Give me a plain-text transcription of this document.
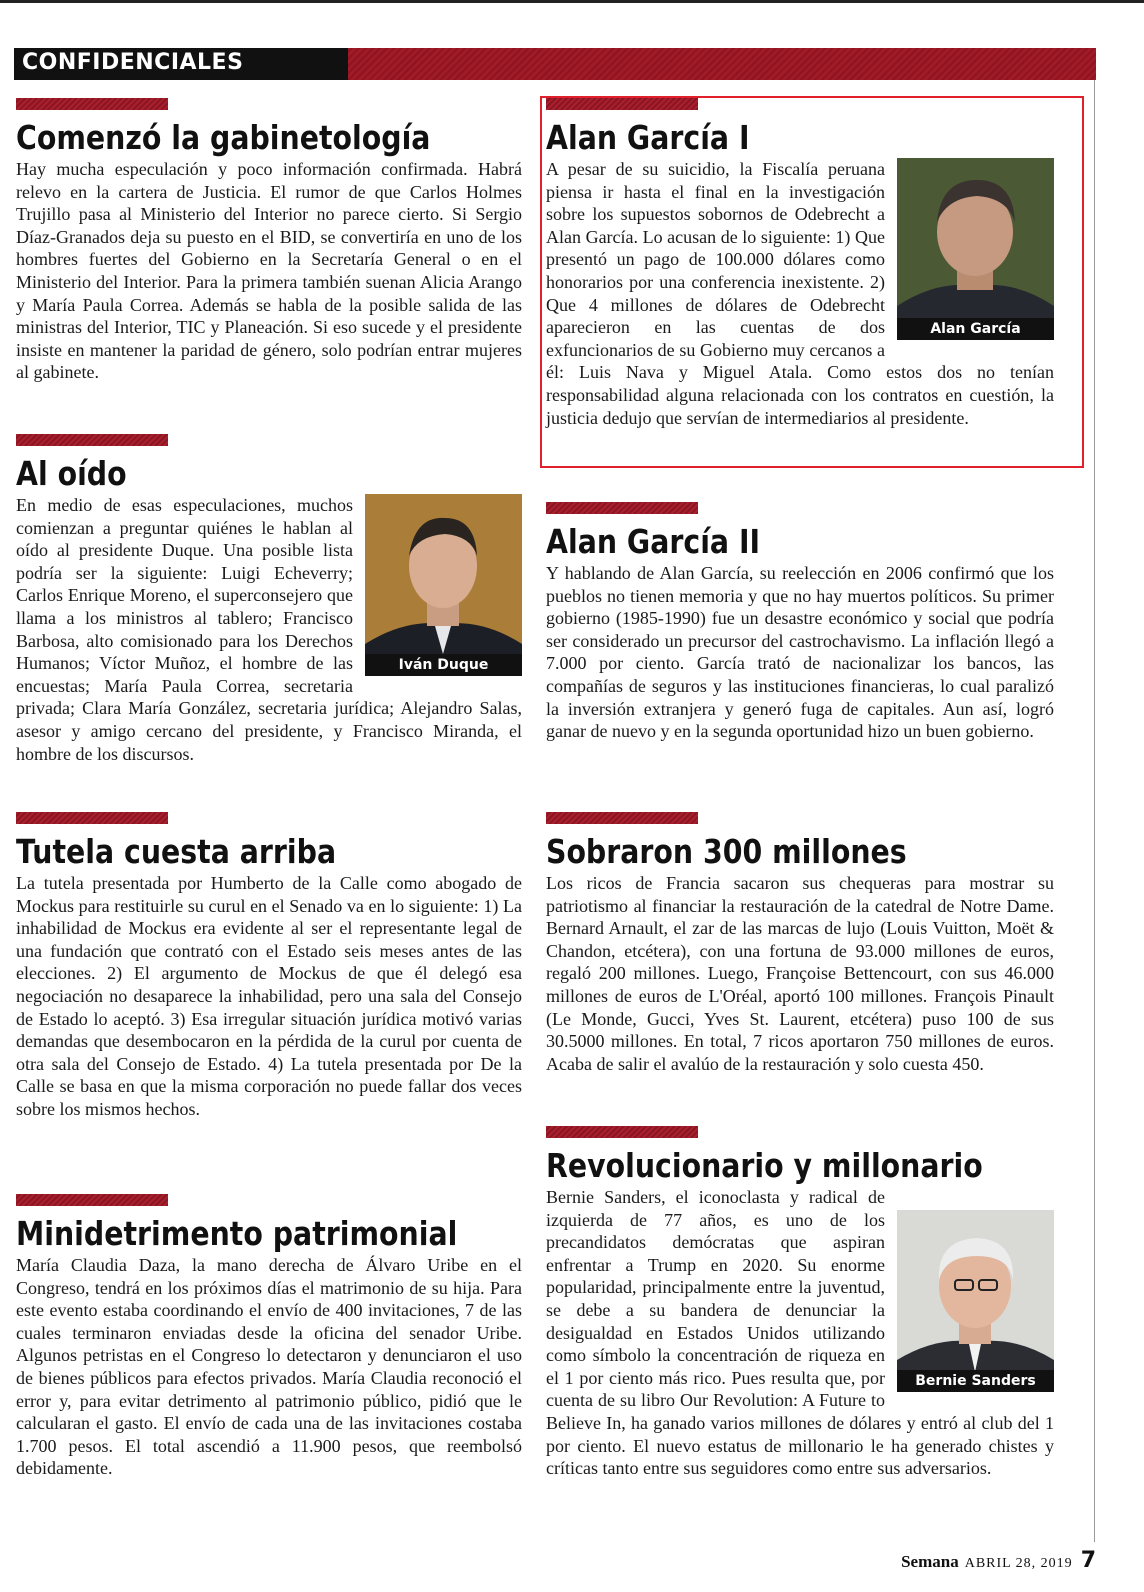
CONFIDENCIALES
Comenzó la gabinetología

Hay mucha especulación y poco información confirmada. Habrá relevo en la cartera de Justicia. El rumor de que Carlos Holmes Trujillo pasa al Ministerio del Interior no parece cierto. Si Sergio Díaz-Granados deja su puesto en el BID, se convertiría en uno de los hombres fuertes del Gobierno en la Secretaría General o en el Ministerio del Interior. Para la primera también suenan Alicia Arango y María Paula Correa. Además se habla de la posible salida de las ministras del Interior, TIC y Planeación. Si eso sucede y el presidente insiste en mantener la paridad de género, solo podrían entrar mujeres al gabinete.

Al oído
Iván Duque

En medio de esas especulaciones, muchos comienzan a preguntar quiénes le hablan al oído al presidente Duque. Una posible lista podría ser la siguiente: Luigi Echeverry; Carlos Enrique Moreno, el superconsejero que llama a los ministros al tablero; Francisco Barbosa, alto comisionado para los Derechos Humanos; Víctor Muñoz, el hombre de las encuestas; María Paula Correa, secretaria privada; Clara María González, secretaria jurídica; Alejandro Salas, asesor y amigo cercano del presidente, y Francisco Miranda, el hombre de los discursos.

Tutela cuesta arriba

La tutela presentada por Humberto de la Calle como abogado de Mockus para restituirle su curul en el Senado va en lo siguiente: 1) La inhabilidad de Mockus era evidente al ser el representante legal de una fundación que contrató con el Estado seis meses antes de las elecciones. 2) El argumento de Mockus de que él delegó esa negociación no desaparece la inhabilidad, pero una sala del Consejo de Estado lo aceptó. 3) Esa irregular situación jurídica motivó varias demandas que desembocaron en la pérdida de la curul por cuenta de otra sala del Consejo de Estado. 4) La tutela presentada por De la Calle se basa en que la misma corporación no puede fallar dos veces sobre los mismos hechos.

Minidetrimento patrimonial

María Claudia Daza, la mano derecha de Álvaro Uribe en el Congreso, tendrá en los próximos días el matrimonio de su hija. Para este evento estaba coordinando el envío de 400 invitaciones, 7 de las cuales terminaron enviadas desde la oficina del senador Uribe. Algunos petristas en el Congreso lo detectaron y denunciaron el uso de bienes públicos para efectos privados. María Claudia reconoció el error y, para evitar detrimento al patrimonio público, pidió que le calcularan el gasto. El envío de cada una de las invitaciones costaba 1.700 pesos. El total ascendió a 11.900 pesos, que reembolsó debidamente.

Alan García I
Alan García

A pesar de su suicidio, la Fiscalía peruana piensa ir hasta el final en la investigación sobre los supuestos sobornos de Odebrecht a Alan García. Lo acusan de lo siguiente: 1) Que presentó un pago de 100.000 dólares como honorarios por una conferencia inexistente. 2) Que 4 millones de dólares de Odebrecht aparecieron en las cuentas de dos exfuncionarios de su Gobierno muy cercanos a él: Luis Nava y Miguel Atala. Como estos dos no tenían responsabilidad alguna relacionada con los contratos en cuestión, la justicia dedujo que servían de intermediarios al presidente.

Alan García II

Y hablando de Alan García, su reelección en 2006 confirmó que los pueblos no tienen memoria y que no hay muertos políticos. Su primer gobierno (1985-1990) fue un desastre económico y social que podría ser considerado un precursor del castrochavismo. La inflación llegó a 7.000 por ciento. García trató de nacionalizar los bancos, las compañías de seguros y las instituciones financieras, lo cual paralizó la inversión extranjera y generó fuga de capitales. Aun así, logró ganar de nuevo y en la segunda oportunidad hizo un buen gobierno.

Sobraron 300 millones

Los ricos de Francia sacaron sus chequeras para mostrar su patriotismo al financiar la restauración de la catedral de Notre Dame. Bernard Arnault, el zar de las marcas de lujo (Louis Vuitton, Moët & Chandon, etcétera), con una fortuna de 93.000 millones de euros, regaló 200 millones. Luego, Françoise Bettencourt, con sus 46.000 millones de euros de L'Oréal, aportó 100 millones. François Pinault (Le Monde, Gucci, Yves St. Laurent, etcétera) puso 100 de sus 30.5000 millones. En total, 7 ricos aportaron 750 millones de euros. Acaba de salir el avalúo de la restauración y solo cuesta 450.

Revolucionario y millonario
Bernie Sanders

Bernie Sanders, el iconoclasta y radical de izquierda de 77 años, es uno de los precandidatos demócratas que aspiran enfrentar a Trump en 2020. Su enorme popularidad, principalmente entre la juventud, se debe a su bandera de denunciar la desigualdad en Estados Unidos utilizando como símbolo la concentración de riqueza en el 1 por ciento más rico. Pues resulta que, por cuenta de su libro Our Revolution: A Future to Believe In, ha ganado varios millones de dólares y entró al club del 1 por ciento. El nuevo estatus de millonario le ha generado chistes y críticas tanto entre sus seguidores como entre sus adversarios.

Semana ABRIL 28, 2019 7
